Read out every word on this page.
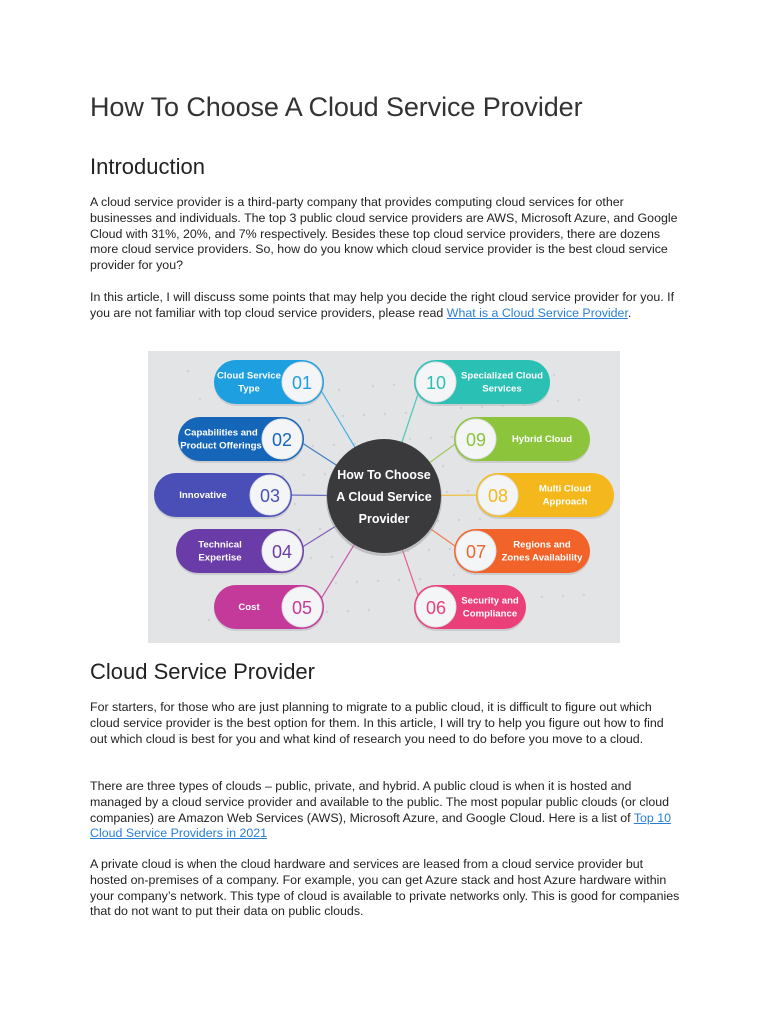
How To Choose A Cloud Service Provider
Introduction

A cloud service provider is a third-party company that provides computing cloud services for other businesses and individuals. The top 3 public cloud service providers are AWS, Microsoft Azure, and Google Cloud with 31%, 20%, and 7% respectively. Besides these top cloud service providers, there are dozens more cloud service providers. So, how do you know which cloud service provider is the best cloud service provider for you?

In this article, I will discuss some points that may help you decide the right cloud service provider for you. If you are not familiar with top cloud service providers, please read What is a Cloud Service Provider.

Cloud Service Provider

For starters, for those who are just planning to migrate to a public cloud, it is difficult to figure out which cloud service provider is the best option for them. In this article, I will try to help you figure out how to find out which cloud is best for you and what kind of research you need to do before you move to a cloud.

There are three types of clouds – public, private, and hybrid. A public cloud is when it is hosted and managed by a cloud service provider and available to the public. The most popular public clouds (or cloud companies) are Amazon Web Services (AWS), Microsoft Azure, and Google Cloud. Here is a list of Top 10 Cloud Service Providers in 2021

A private cloud is when the cloud hardware and services are leased from a cloud service provider but hosted on-premises of a company. For example, you can get Azure stack and host Azure hardware within your company’s network. This type of cloud is available to private networks only. This is good for companies that do not want to put their data on public clouds.

01
Cloud Service
Type
02
Capabilities and
Product Offerings
03
Innovative
04
Technical
Expertise
05
Cost	06 Security and
Compliance
07	Regions and
Zones Availability
08	Multi Cloud
Approach
09	Hybrid Cloud
10 Specialized Cloud
Services
How To Choose
A Cloud Service
Provider
